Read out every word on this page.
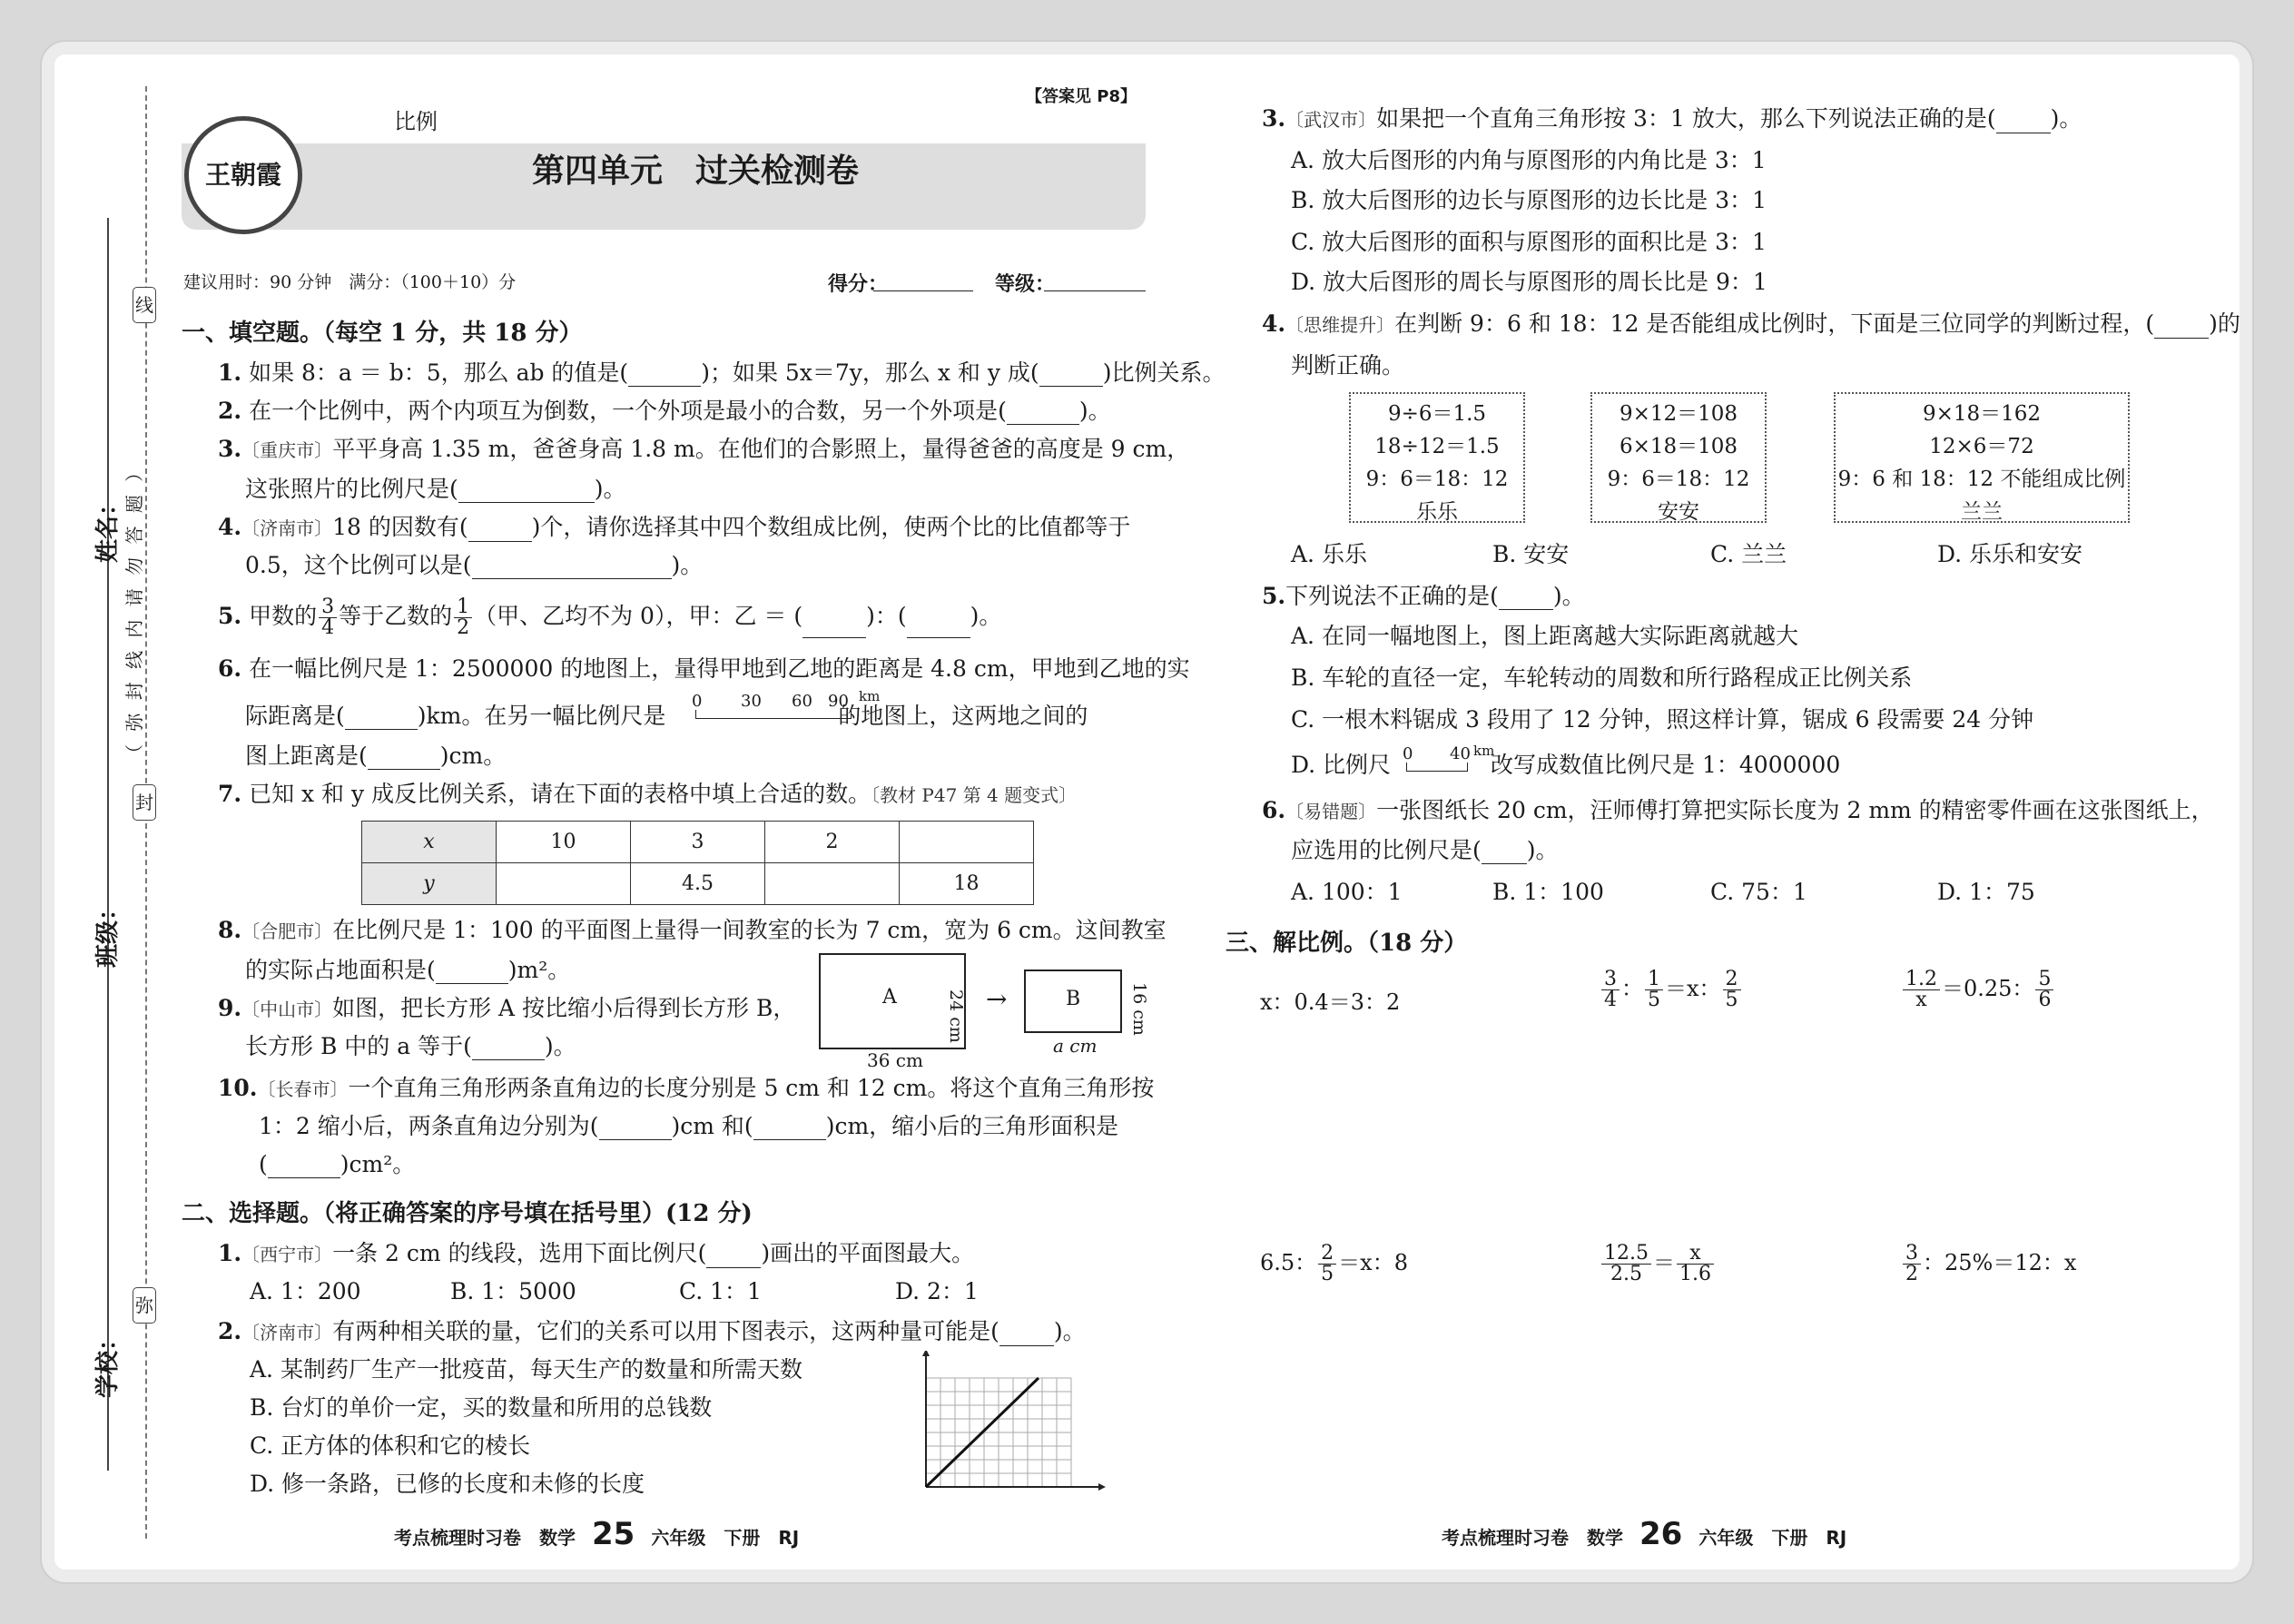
线
封
弥
姓名：
班级：
学校：
（ 弥 封 线 内 请 勿 答 题 ）
王朝霞
比例
【答案见 P8】
第四单元　过关检测卷
建议用时：90 分钟　满分：（100＋10）分	得分：	等级：
一、填空题。（每空 1 分，共 18 分）
1. 如果 8：a ＝ b：5，那么 ab 的值是(	)；如果 5x＝7y，那么 x 和 y 成(	)比例关系。
2. 在一个比例中，两个内项互为倒数，一个外项是最小的合数，另一个外项是(	)。
3.〔重庆市〕平平身高 1.35 m，爸爸身高 1.8 m。在他们的合影照上，量得爸爸的高度是 9 cm，
这张照片的比例尺是(	)。
4.〔济南市〕18 的因数有(	)个，请你选择其中四个数组成比例，使两个比的比值都等于
0.5，这个比例可以是(	)。
5. 甲数的 $\frac{3}{4}$ 等于乙数的 $\frac{1}{2}$ （甲、乙均不为 0），甲：乙 ＝ (	)：(	)。
6. 在一幅比例尺是 1：2500000 的地图上，量得甲地到乙地的距离是 4.8 cm，甲地到乙地的实
际距离是(	)km。在另一幅比例尺是	的地图上，这两地之间的
0 30 60 90 km
图上距离是(	)cm。
7. 已知 x 和 y 成反比例关系，请在下面的表格中填上合适的数。〔教材 P47 第 4 题变式〕
x	10	3	2	
y		4.5		18
8.〔合肥市〕在比例尺是 1：100 的平面图上量得一间教室的长为 7 cm，宽为 6 cm。这间教室
的实际占地面积是(	)m²。
9.〔中山市〕如图，把长方形 A 按比缩小后得到长方形 B，
长方形 B 中的 a 等于(	)。
A
36 cm
24 cm →	B
a cm
16 cm
10.〔长春市〕一个直角三角形两条直角边的长度分别是 5 cm 和 12 cm。将这个直角三角形按
1：2 缩小后，两条直角边分别为(	)cm 和(	)cm，缩小后的三角形面积是
(	)cm²。
二、选择题。（将正确答案的序号填在括号里）(12 分)
1.〔西宁市〕一条 2 cm 的线段，选用下面比例尺( )画出的平面图最大。
A. 1：200	B. 1：5000	C. 1：1	D. 2：1
2.〔济南市〕有两种相关联的量，它们的关系可以用下图表示，这两种量可能是( )。
A. 某制药厂生产一批疫苗，每天生产的数量和所需天数
B. 台灯的单价一定，买的数量和所用的总钱数
C. 正方体的体积和它的棱长
D. 修一条路，已修的长度和未修的长度
考点梳理时习卷　数学 25 六年级　下册　RJ
3.〔武汉市〕如果把一个直角三角形按 3：1 放大，那么下列说法正确的是( )。
A. 放大后图形的内角与原图形的内角比是 3：1
B. 放大后图形的边长与原图形的边长比是 3：1
C. 放大后图形的面积与原图形的面积比是 3：1
D. 放大后图形的周长与原图形的周长比是 9：1
4.〔思维提升〕在判断 9：6 和 18：12 是否能组成比例时，下面是三位同学的判断过程，( )的
判断正确。
9÷6＝1.5
18÷12＝1.5
9：6＝18：12
乐乐
9×12＝108
6×18＝108
9：6＝18：12
安安
9×18＝162
12×6＝72
9：6 和 18：12 不能组成比例
兰兰
A. 乐乐	B. 安安	C. 兰兰	D. 乐乐和安安
5.下列说法不正确的是( )。
A. 在同一幅地图上，图上距离越大实际距离就越大
B. 车轮的直径一定，车轮转动的周数和所行路程成正比例关系
C. 一根木料锯成 3 段用了 12 分钟，照这样计算，锯成 6 段需要 24 分钟
D. 比例尺	改写成数值比例尺是 1：4000000
0 40 km
6.〔易错题〕一张图纸长 20 cm，汪师傅打算把实际长度为 2 mm 的精密零件画在这张图纸上，
应选用的比例尺是( )。
A. 100：1	B. 1：100	C. 75：1	D. 1：75
三、解比例。（18 分）
x：0.4＝3：2	$\frac{3}{4}$ ： $\frac{1}{5} =x$： $\frac{2}{5}$	$\frac{1.2}{x} =0.25$： $\frac{5}{6}$
6.5： $\frac{2}{5} =x$：8	$\frac{12.5}{2.5} = \frac{x}{1.6}$	$\frac{3}{2}$ ：25%＝12：x
考点梳理时习卷　数学 26 六年级　下册　RJ
